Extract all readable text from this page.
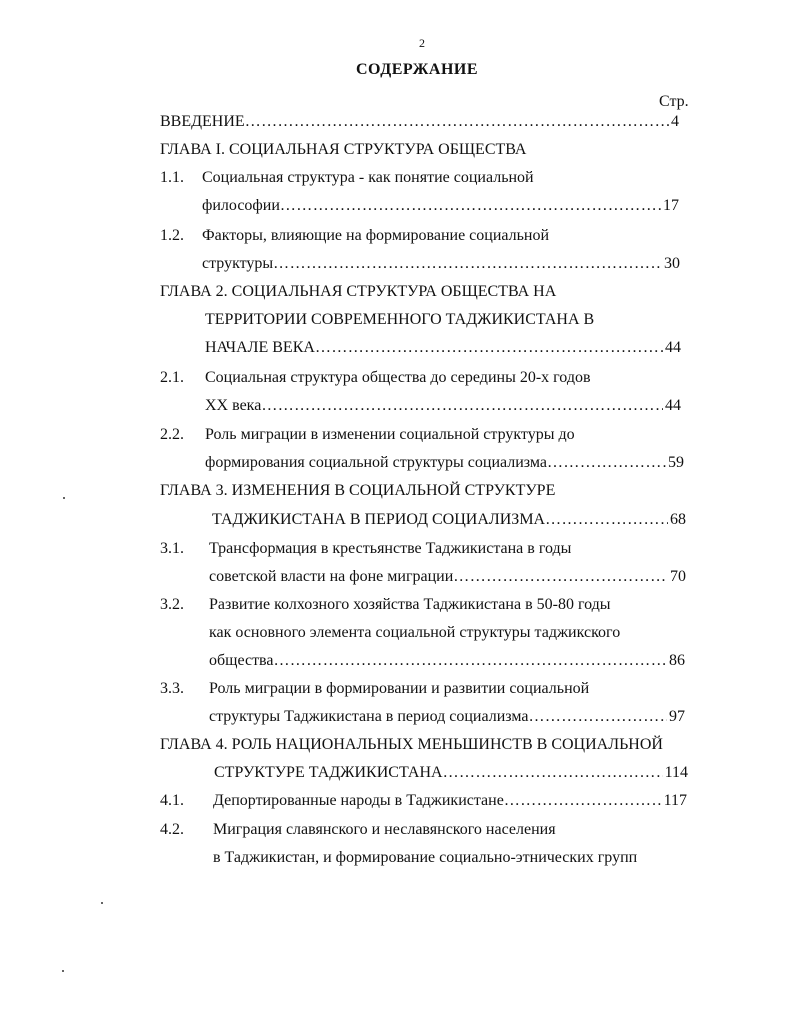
2
СОДЕРЖАНИЕ
Стр.
ВВЕДЕНИЕ …………………………………………………………………………………………………………………………………………………………………………	4
ГЛАВА I. СОЦИАЛЬНАЯ СТРУКТУРА ОБЩЕСТВА
1.1. Социальная структура - как понятие социальной
философии …………………………………………………………………………………………………………………………………………………………………………	17
1.2. Факторы, влияющие на формирование социальной
структуры …………………………………………………………………………………………………………………………………………………………………………	30
ГЛАВА 2. СОЦИАЛЬНАЯ СТРУКТУРА ОБЩЕСТВА НА
ТЕРРИТОРИИ СОВРЕМЕННОГО ТАДЖИКИСТАНА В
НАЧАЛЕ ВЕКА …………………………………………………………………………………………………………………………………………………………………………	44
2.1. Социальная структура общества до середины 20-х годов
XX века …………………………………………………………………………………………………………………………………………………………………………	44
2.2. Роль миграции в изменении социальной структуры до
формирования социальной структуры социализма …………………………………………………………………………………………………………………………………………………………………………	59
ГЛАВА 3. ИЗМЕНЕНИЯ В СОЦИАЛЬНОЙ СТРУКТУРЕ
ТАДЖИКИСТАНА В ПЕРИОД СОЦИАЛИЗМА …………………………………………………………………………………………………………………………………………………………………………	68
3.1. Трансформация в крестьянстве Таджикистана в годы
советской власти на фоне миграции …………………………………………………………………………………………………………………………………………………………………………	70
3.2. Развитие колхозного хозяйства Таджикистана в 50-80 годы
как основного элемента социальной структуры таджикского
общества …………………………………………………………………………………………………………………………………………………………………………	86
3.3. Роль миграции в формировании и развитии социальной
структуры Таджикистана в период социализма …………………………………………………………………………………………………………………………………………………………………………	97
ГЛАВА 4. РОЛЬ НАЦИОНАЛЬНЫХ МЕНЬШИНСТВ В СОЦИАЛЬНОЙ
СТРУКТУРЕ ТАДЖИКИСТАНА …………………………………………………………………………………………………………………………………………………………………………	114
4.1. Депортированные народы в Таджикистане …………………………………………………………………………………………………………………………………………………………………………	117
4.2. Миграция славянского и неславянского населения
в Таджикистан, и формирование социально-этнических групп
